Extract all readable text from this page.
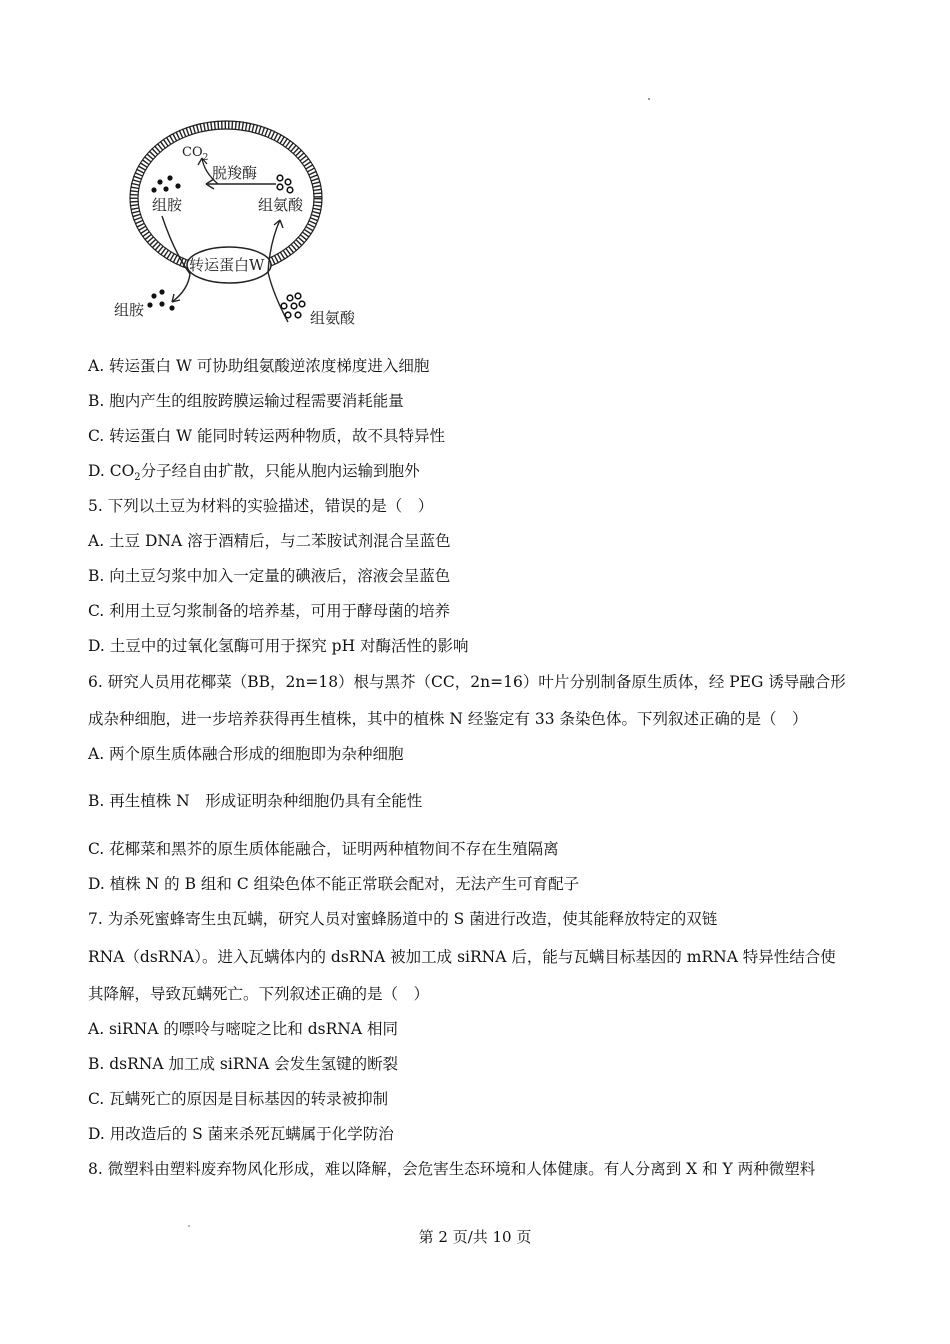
转运蛋白W
$CO_2$
脱羧酶
组胺	组氨酸
组胺	组氨酸
A. 转运蛋白 W 可协助组氨酸逆浓度梯度进入细胞
B. 胞内产生的组胺跨膜运输过程需要消耗能量
C. 转运蛋白 W 能同时转运两种物质，故不具特异性
D. $CO_2$分子经自由扩散，只能从胞内运输到胞外
5. 下列以土豆为材料的实验描述，错误的是（　）
A. 土豆 DNA 溶于酒精后，与二苯胺试剂混合呈蓝色
B. 向土豆匀浆中加入一定量的碘液后，溶液会呈蓝色
C. 利用土豆匀浆制备的培养基，可用于酵母菌的培养
D. 土豆中的过氧化氢酶可用于探究 pH 对酶活性的影响
6. 研究人员用花椰菜（BB，2n=18）根与黑芥（CC，2n=16）叶片分别制备原生质体，经 PEG 诱导融合形
成杂种细胞，进一步培养获得再生植株，其中的植株 N 经鉴定有 33 条染色体。下列叙述正确的是（　）
A. 两个原生质体融合形成的细胞即为杂种细胞
B. 再生植株 N　形成证明杂种细胞仍具有全能性
C. 花椰菜和黑芥的原生质体能融合，证明两种植物间不存在生殖隔离
D. 植株 N 的 B 组和 C 组染色体不能正常联会配对，无法产生可育配子
7. 为杀死蜜蜂寄生虫瓦螨，研究人员对蜜蜂肠道中的 S 菌进行改造，使其能释放特定的双链
RNA（dsRNA）。进入瓦螨体内的 dsRNA 被加工成 siRNA 后，能与瓦螨目标基因的 mRNA 特异性结合使
其降解，导致瓦螨死亡。下列叙述正确的是（　）
A. siRNA 的嘌呤与嘧啶之比和 dsRNA 相同
B. dsRNA 加工成 siRNA 会发生氢键的断裂
C. 瓦螨死亡的原因是目标基因的转录被抑制
D. 用改造后的 S 菌来杀死瓦螨属于化学防治
8. 微塑料由塑料废弃物风化形成，难以降解，会危害生态环境和人体健康。有人分离到 X 和 Y 两种微塑料
第 2 页/共 10 页
